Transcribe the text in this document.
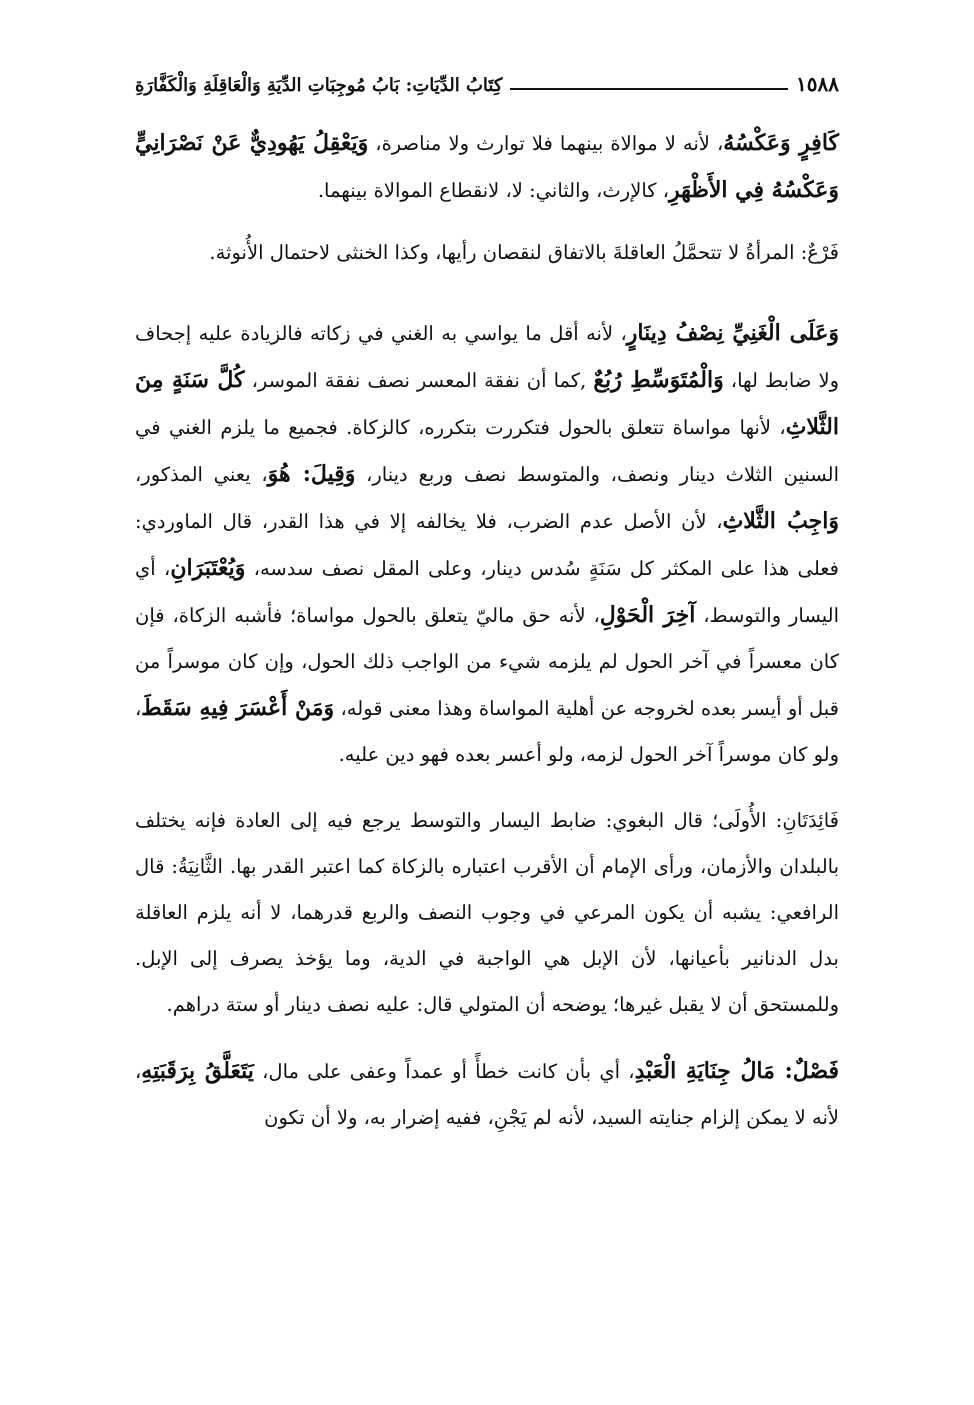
١٥٨٨
كِتَابُ الدِّيَاتِ: بَابُ مُوجِبَاتِ الدِّيَةِ وَالْعَاقِلَةِ وَالْكَفَّارَةِ

كَافِرٍ وَعَكْسُهُ، لأنه لا موالاة بينهما فلا توارث ولا مناصرة، وَيَعْقِلُ يَهُودِيٌّ عَنْ نَصْرَانِيٍّ وَعَكْسُهُ فِي الأَظْهَرِ، كالإرث، والثاني: لا، لانقطاع الموالاة بينهما.

فَرْعٌ: المرأةُ لا تتحمَّلُ العاقلةَ بالاتفاق لنقصان رأيها، وكذا الخنثى لاحتمال الأُنوثة.

وَعَلَى الْغَنِيِّ نِصْفُ دِينَارٍ، لأنه أقل ما يواسي به الغني في زكاته فالزيادة عليه إجحاف ولا ضابط لها، وَالْمُتَوَسِّطِ رُبُعٌ ,كما أن نفقة المعسر نصف نفقة الموسر، كُلَّ سَنَةٍ مِنَ الثَّلاثِ، لأنها مواساة تتعلق بالحول فتكررت بتكرره، كالزكاة. فجميع ما يلزم الغني في السنين الثلاث دينار ونصف، والمتوسط نصف وربع دينار، وَقِيلَ: هُوَ، يعني المذكور، وَاجِبُ الثَّلاثِ، لأن الأصل عدم الضرب، فلا يخالفه إلا في هذا القدر، قال الماوردي: فعلى هذا على المكثر كل سَنَةٍ سُدس دينار، وعلى المقل نصف سدسه، وَيُعْتَبَرَانِ، أي اليسار والتوسط، آخِرَ الْحَوْلِ، لأنه حق ماليّ يتعلق بالحول مواساة؛ فأشبه الزكاة، فإن كان معسراً في آخر الحول لم يلزمه شيء من الواجب ذلك الحول، وإن كان موسراً من قبل أو أيسر بعده لخروجه عن أهلية المواساة وهذا معنى قوله، وَمَنْ أَعْسَرَ فِيهِ سَقَطَ، ولو كان موسراً آخر الحول لزمه، ولو أعسر بعده فهو دين عليه.

فَائِدَتَانِ: الأُولَى؛ قال البغوي: ضابط اليسار والتوسط يرجع فيه إلى العادة فإنه يختلف بالبلدان والأزمان، ورأى الإمام أن الأقرب اعتباره بالزكاة كما اعتبر القدر بها. الثَّانِيَةُ: قال الرافعي: يشبه أن يكون المرعي في وجوب النصف والربع قدرهما، لا أنه يلزم العاقلة بدل الدنانير بأعيانها، لأن الإبل هي الواجبة في الدية، وما يؤخذ يصرف إلى الإبل. وللمستحق أن لا يقبل غيرها؛ يوضحه أن المتولي قال: عليه نصف دينار أو ستة دراهم.

فَصْلٌ: مَالُ جِنَايَةِ الْعَبْدِ، أي بأن كانت خطأً أو عمداً وعفى على مال، يَتَعَلَّقُ بِرَقَبَتِهِ، لأنه لا يمكن إلزام جنايته السيد، لأنه لم يَجْنِ، ففيه إضرار به، ولا أن تكون
